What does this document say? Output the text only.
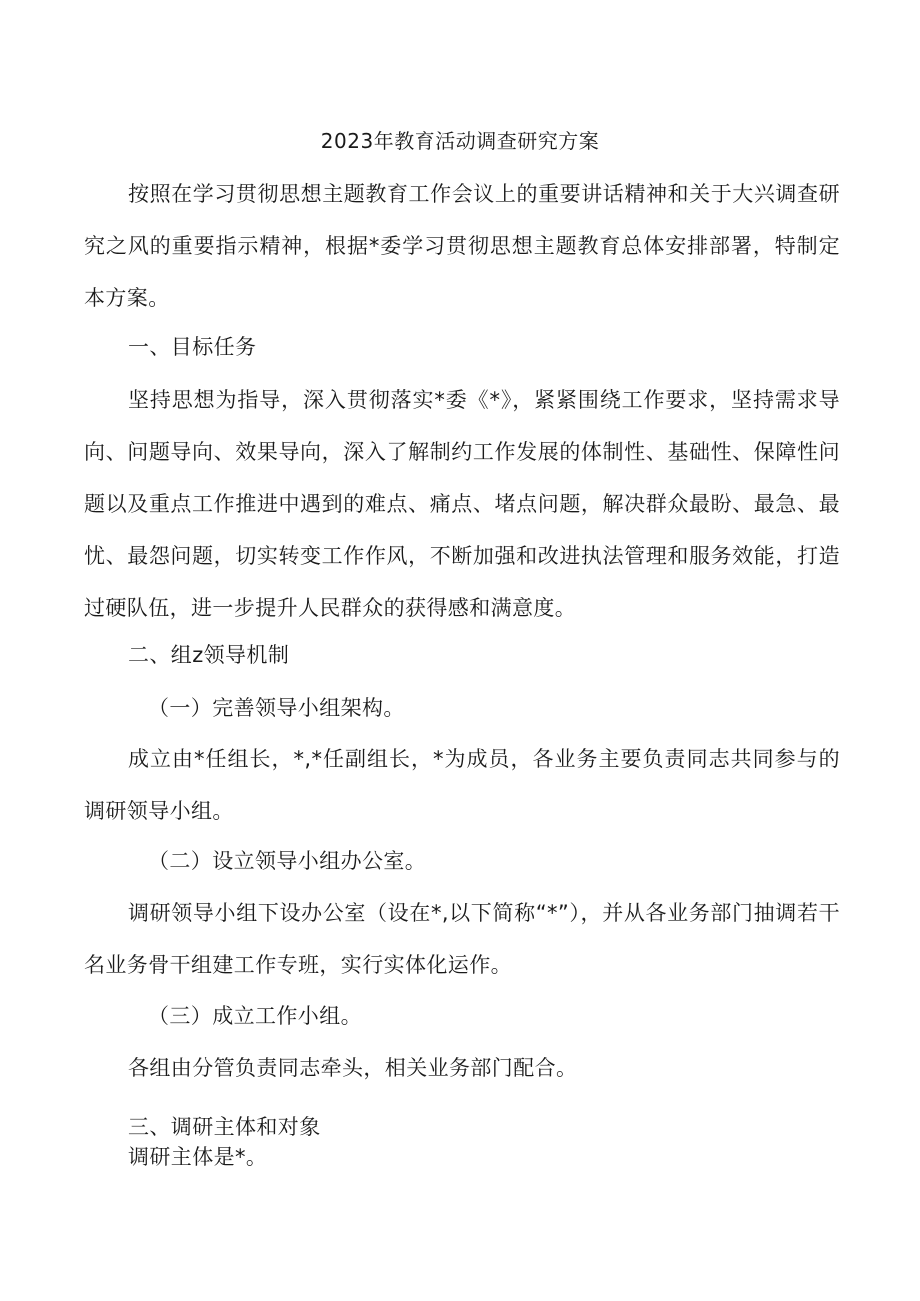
2023年教育活动调查研究方案
按照在学习贯彻思想主题教育工作会议上的重要讲话精神和关于大兴调查研究之风的重要指示精神，根据*委学习贯彻思想主题教育总体安排部署，特制定本方案。
一、目标任务
坚持思想为指导，深入贯彻落实*委《*》，紧紧围绕工作要求，坚持需求导向、问题导向、效果导向，深入了解制约工作发展的体制性、基础性、保障性问题以及重点工作推进中遇到的难点、痛点、堵点问题，解决群众最盼、最急、最忧、最怨问题，切实转变工作作风，不断加强和改进执法管理和服务效能，打造过硬队伍，进一步提升人民群众的获得感和满意度。
二、组z领导机制
（一）完善领导小组架构。
成立由*任组长，*,*任副组长，*为成员，各业务主要负责同志共同参与的调研领导小组。
（二）设立领导小组办公室。
调研领导小组下设办公室（设在*,以下简称“*”），并从各业务部门抽调若干名业务骨干组建工作专班，实行实体化运作。
（三）成立工作小组。
各组由分管负责同志牵头，相关业务部门配合。
三、调研主体和对象
调研主体是*。
